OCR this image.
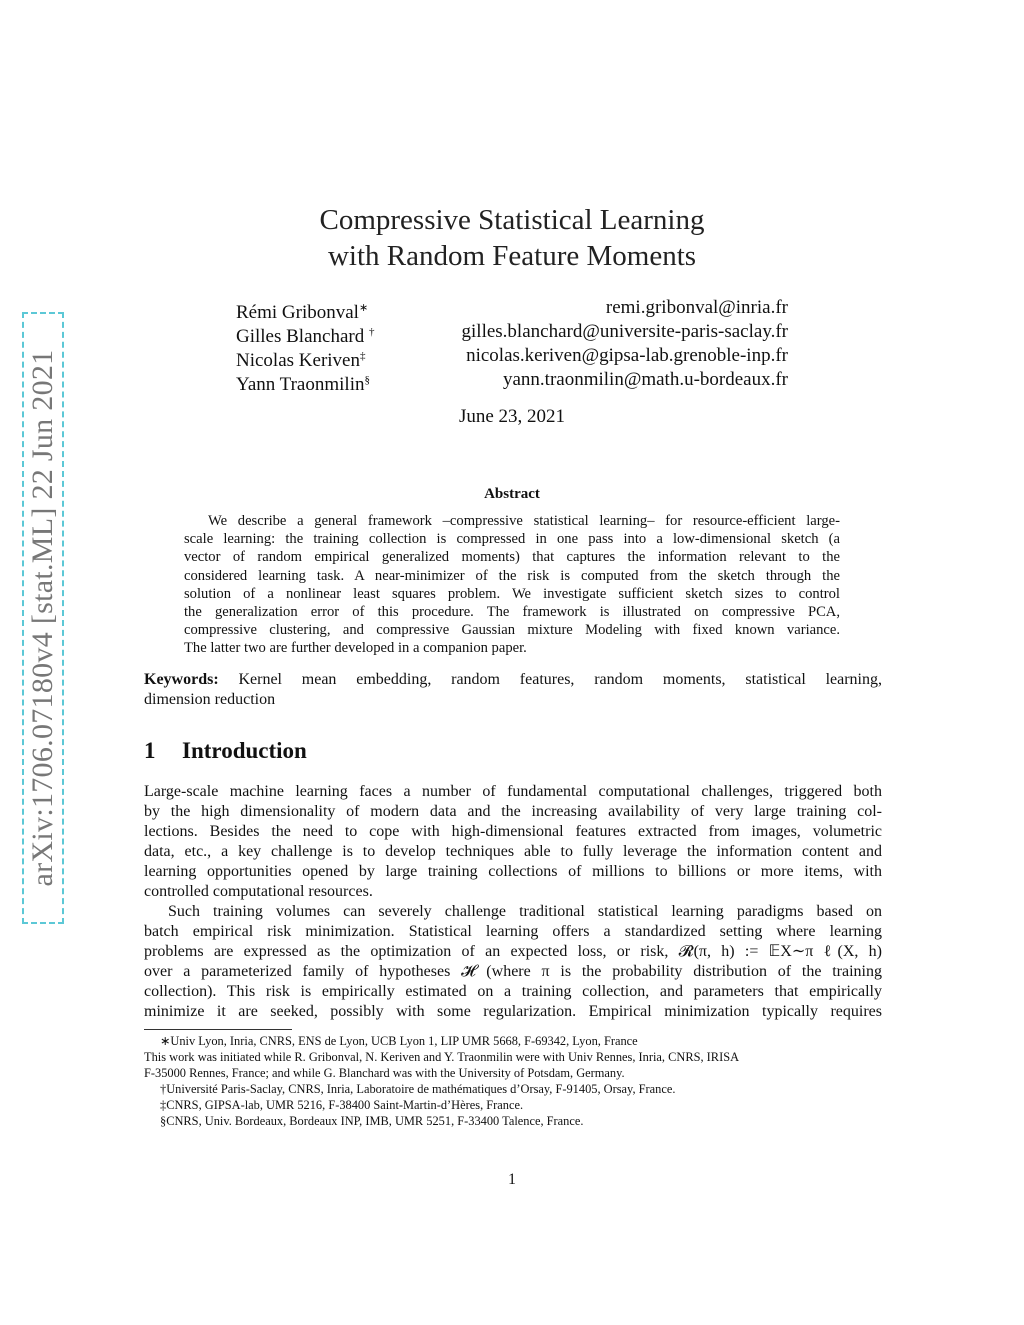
arXiv:1706.07180v4 [stat.ML] 22 Jun 2021
Compressive Statistical Learning
with Random Feature Moments
Rémi Gribonval∗	remi.gribonval@inria.fr
Gilles Blanchard †	gilles.blanchard@universite-paris-saclay.fr
Nicolas Keriven‡	nicolas.keriven@gipsa-lab.grenoble-inp.fr
Yann Traonmilin§	yann.traonmilin@math.u-bordeaux.fr
June 23, 2021
Abstract
We describe a general framework –compressive statistical learning– for resource-efficient large-
scale learning: the training collection is compressed in one pass into a low-dimensional sketch (a
vector of random empirical generalized moments) that captures the information relevant to the
considered learning task. A near-minimizer of the risk is computed from the sketch through the
solution of a nonlinear least squares problem. We investigate sufficient sketch sizes to control
the generalization error of this procedure. The framework is illustrated on compressive PCA,
compressive clustering, and compressive Gaussian mixture Modeling with fixed known variance.
The latter two are further developed in a companion paper.
Keywords: Kernel mean embedding, random features, random moments, statistical learning,
dimension reduction
1 Introduction
Large-scale machine learning faces a number of fundamental computational challenges, triggered both
by the high dimensionality of modern data and the increasing availability of very large training col-
lections. Besides the need to cope with high-dimensional features extracted from images, volumetric
data, etc., a key challenge is to develop techniques able to fully leverage the information content and
learning opportunities opened by large training collections of millions to billions or more items, with
controlled computational resources.
Such training volumes can severely challenge traditional statistical learning paradigms based on
batch empirical risk minimization. Statistical learning offers a standardized setting where learning
problems are expressed as the optimization of an expected loss, or risk, 𝓡(π, h) := 𝔼X∼π ℓ(X, h)
over a parameterized family of hypotheses 𝓗 (where π is the probability distribution of the training
collection). This risk is empirically estimated on a training collection, and parameters that empirically
minimize it are seeked, possibly with some regularization. Empirical minimization typically requires
∗Univ Lyon, Inria, CNRS, ENS de Lyon, UCB Lyon 1, LIP UMR 5668, F-69342, Lyon, France
This work was initiated while R. Gribonval, N. Keriven and Y. Traonmilin were with Univ Rennes, Inria, CNRS, IRISA
F-35000 Rennes, France; and while G. Blanchard was with the University of Potsdam, Germany.
†Université Paris-Saclay, CNRS, Inria, Laboratoire de mathématiques d’Orsay, F-91405, Orsay, France.
‡CNRS, GIPSA-lab, UMR 5216, F-38400 Saint-Martin-d’Hères, France.
§CNRS, Univ. Bordeaux, Bordeaux INP, IMB, UMR 5251, F-33400 Talence, France.
1
